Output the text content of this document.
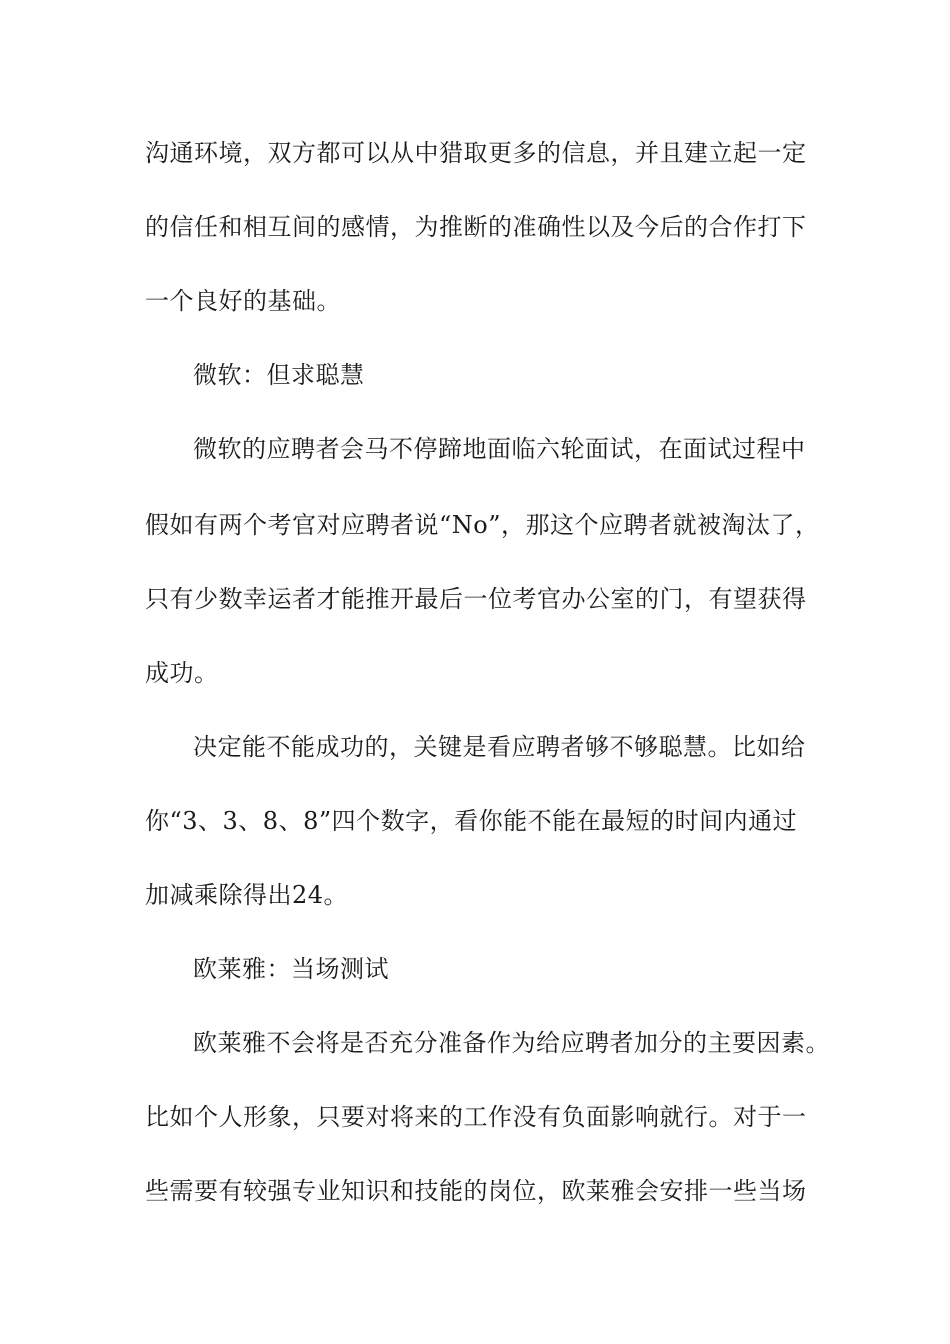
沟通环境，双方都可以从中猎取更多的信息，并且建立起一定
的信任和相互间的感情，为推断的准确性以及今后的合作打下
一个良好的基础。
微软：但求聪慧
微软的应聘者会马不停蹄地面临六轮面试，在面试过程中
假如有两个考官对应聘者说“No”，那这个应聘者就被淘汰了，
只有少数幸运者才能推开最后一位考官办公室的门，有望获得
成功。
决定能不能成功的，关键是看应聘者够不够聪慧。比如给
你“3、3、8、8”四个数字，看你能不能在最短的时间内通过
加减乘除得出24。
欧莱雅：当场测试
欧莱雅不会将是否充分准备作为给应聘者加分的主要因素。
比如个人形象，只要对将来的工作没有负面影响就行。对于一
些需要有较强专业知识和技能的岗位，欧莱雅会安排一些当场
